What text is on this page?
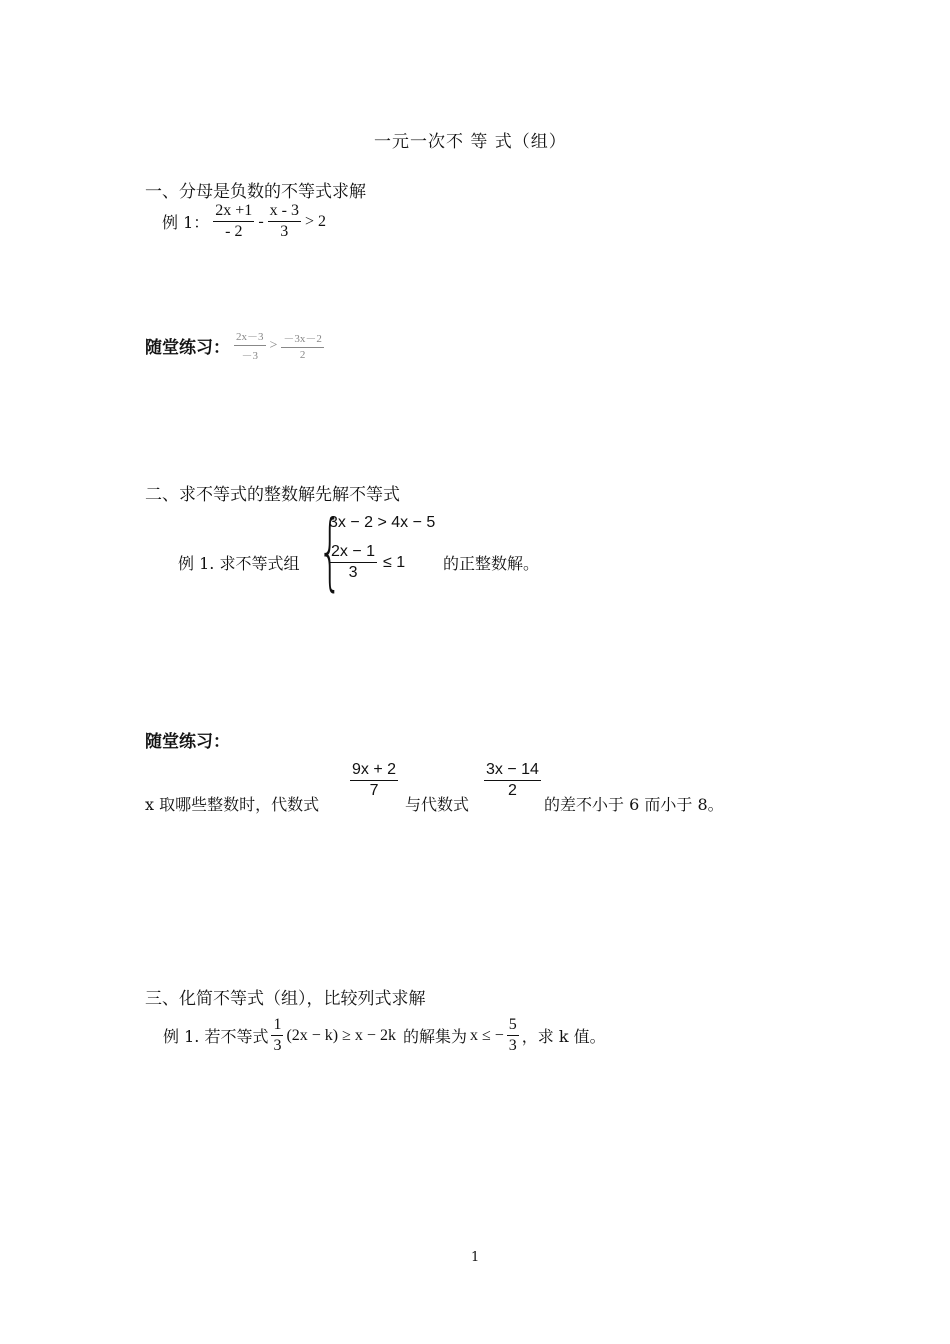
一元一次不 等 式（组）
一、分母是负数的不等式求解
例 1： $\frac{2x +1}{- 2} - \frac{x - 3}{3} > 2$
随堂练习： $\frac{2x-3}{-3} > \frac{-3x-2}{2}$
二、求不等式的整数解先解不等式
例 1. 求不等式组 {
3x − 2 > 4x − 5
$\frac{2x - 1}{3} \le 1$ 的正整数解。
随堂练习：
x 取哪些整数时，代数式
9x + 2
7
与代数式
3x − 14
2
的差不小于 6 而小于 8。
三、化简不等式（组），比较列式求解
例 1. 若不等式 $\frac{1}{3} (2x - k) \ge x - 2k$ 的解集为 x ≤ − $\frac{5}{3}$ ，求 k 值。
1
